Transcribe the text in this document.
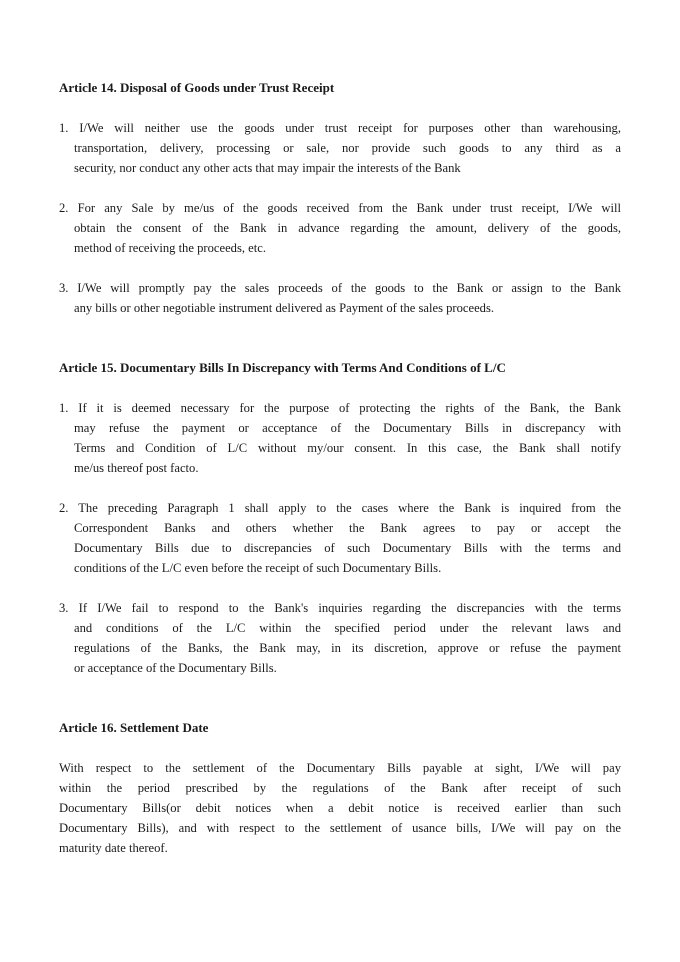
Article 14. Disposal of Goods under Trust Receipt
1. I/We will neither use the goods under trust receipt for purposes other than warehousing,
transportation, delivery, processing or sale, nor provide such goods to any third as a
security, nor conduct any other acts that may impair the interests of the Bank
2. For any Sale by me/us of the goods received from the Bank under trust receipt, I/We will
obtain the consent of the Bank in advance regarding the amount, delivery of the goods,
method of receiving the proceeds, etc.
3. I/We will promptly pay the sales proceeds of the goods to the Bank or assign to the Bank
any bills or other negotiable instrument delivered as Payment of the sales proceeds.
Article 15. Documentary Bills In Discrepancy with Terms And Conditions of L/C
1. If it is deemed necessary for the purpose of protecting the rights of the Bank, the Bank
may refuse the payment or acceptance of the Documentary Bills in discrepancy with
Terms and Condition of L/C without my/our consent. In this case, the Bank shall notify
me/us thereof post facto.
2. The preceding Paragraph 1 shall apply to the cases where the Bank is inquired from the
Correspondent Banks and others whether the Bank agrees to pay or accept the
Documentary Bills due to discrepancies of such Documentary Bills with the terms and
conditions of the L/C even before the receipt of such Documentary Bills.
3. If I/We fail to respond to the Bank's inquiries regarding the discrepancies with the terms
and conditions of the L/C within the specified period under the relevant laws and
regulations of the Banks, the Bank may, in its discretion, approve or refuse the payment
or acceptance of the Documentary Bills.
Article 16. Settlement Date
With respect to the settlement of the Documentary Bills payable at sight, I/We will pay
within the period prescribed by the regulations of the Bank after receipt of such
Documentary Bills(or debit notices when a debit notice is received earlier than such
Documentary Bills), and with respect to the settlement of usance bills, I/We will pay on the
maturity date thereof.
